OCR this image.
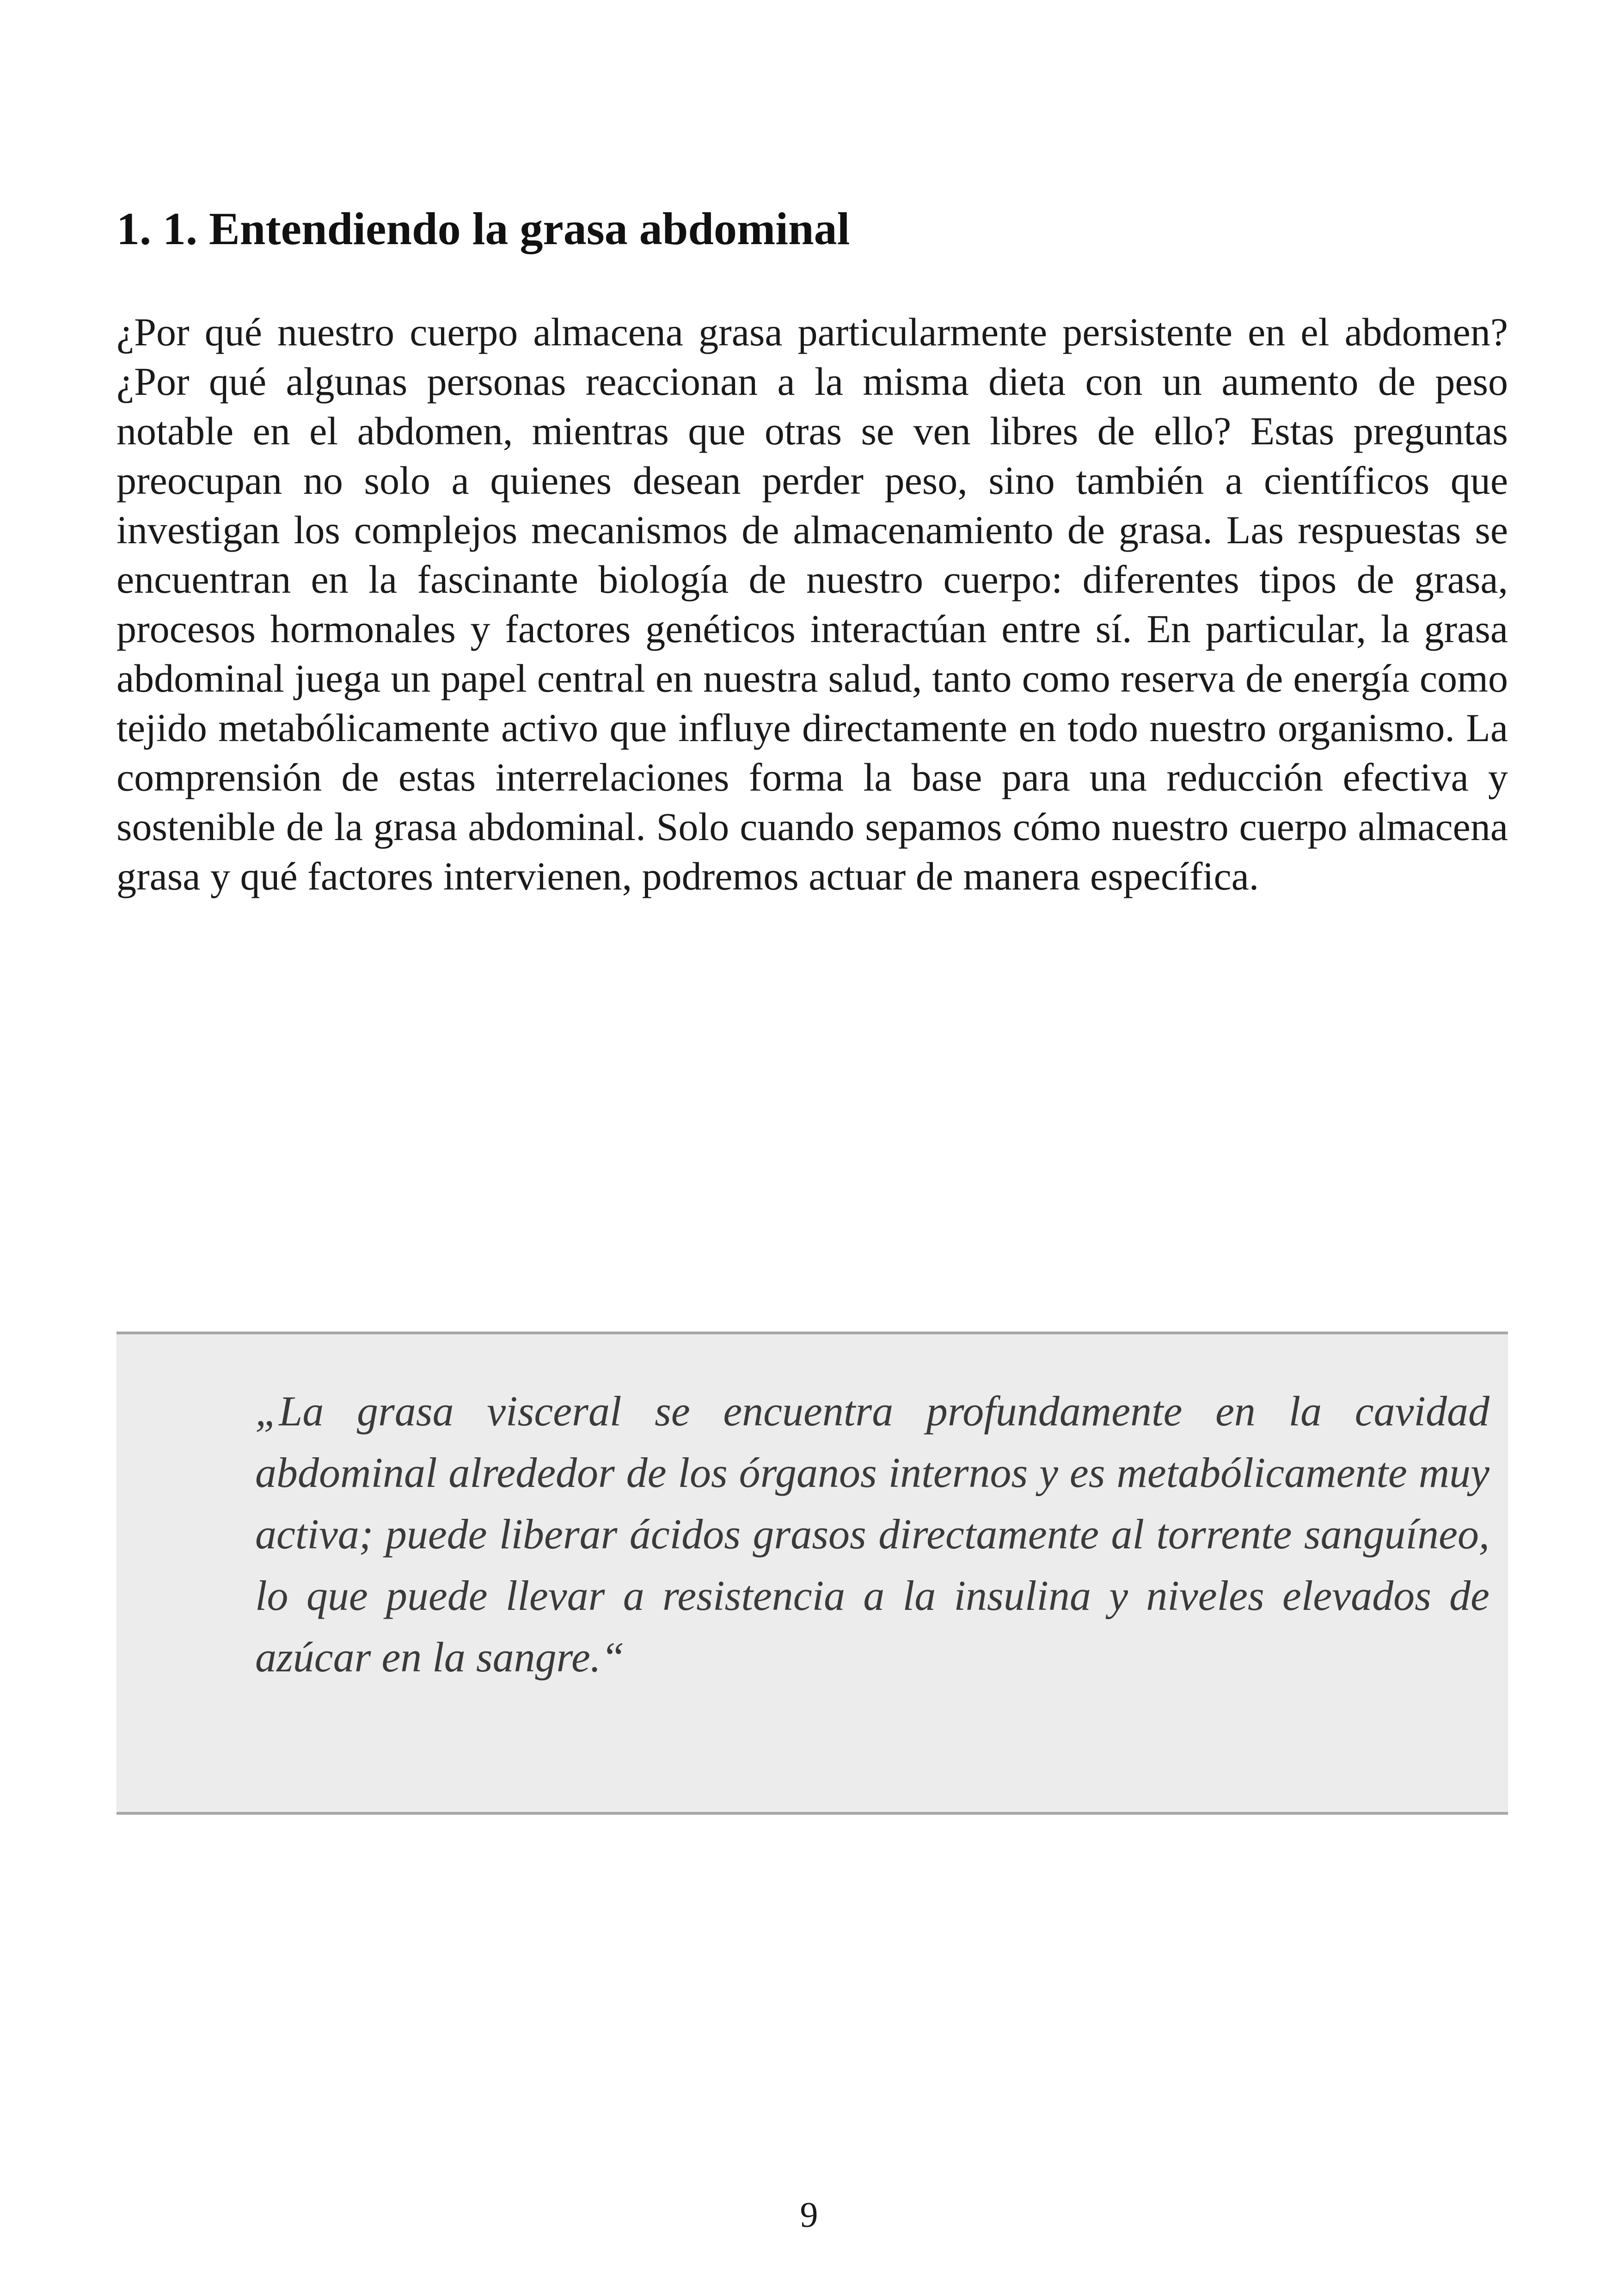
1. 1. Entendiendo la grasa abdominal

¿Por qué nuestro cuerpo almacena grasa particularmente persistente en el abdomen? ¿Por qué algunas personas reaccionan a la misma dieta con un aumento de peso notable en el abdomen, mientras que otras se ven libres de ello? Estas preguntas preocupan no solo a quienes desean perder peso, sino también a científicos que investigan los complejos mecanismos de almacenamiento de grasa. Las respuestas se encuentran en la fascinante biología de nuestro cuerpo: diferentes tipos de grasa, procesos hormonales y factores genéticos interactúan entre sí. En particular, la grasa abdominal juega un papel central en nuestra salud, tanto como reserva de energía como tejido metabólicamente activo que influye directamente en todo nuestro organismo. La comprensión de estas interrelaciones forma la base para una reducción efectiva y sostenible de la grasa abdominal. Solo cuando sepamos cómo nuestro cuerpo almacena grasa y qué factores intervienen, podremos actuar de manera específica.

„La grasa visceral se encuentra profundamente en la cavidad abdominal alrededor de los órganos internos y es metabólicamente muy activa; puede liberar ácidos grasos directamente al torrente sanguíneo, lo que puede llevar a resistencia a la insulina y niveles elevados de azúcar en la sangre.“

9
